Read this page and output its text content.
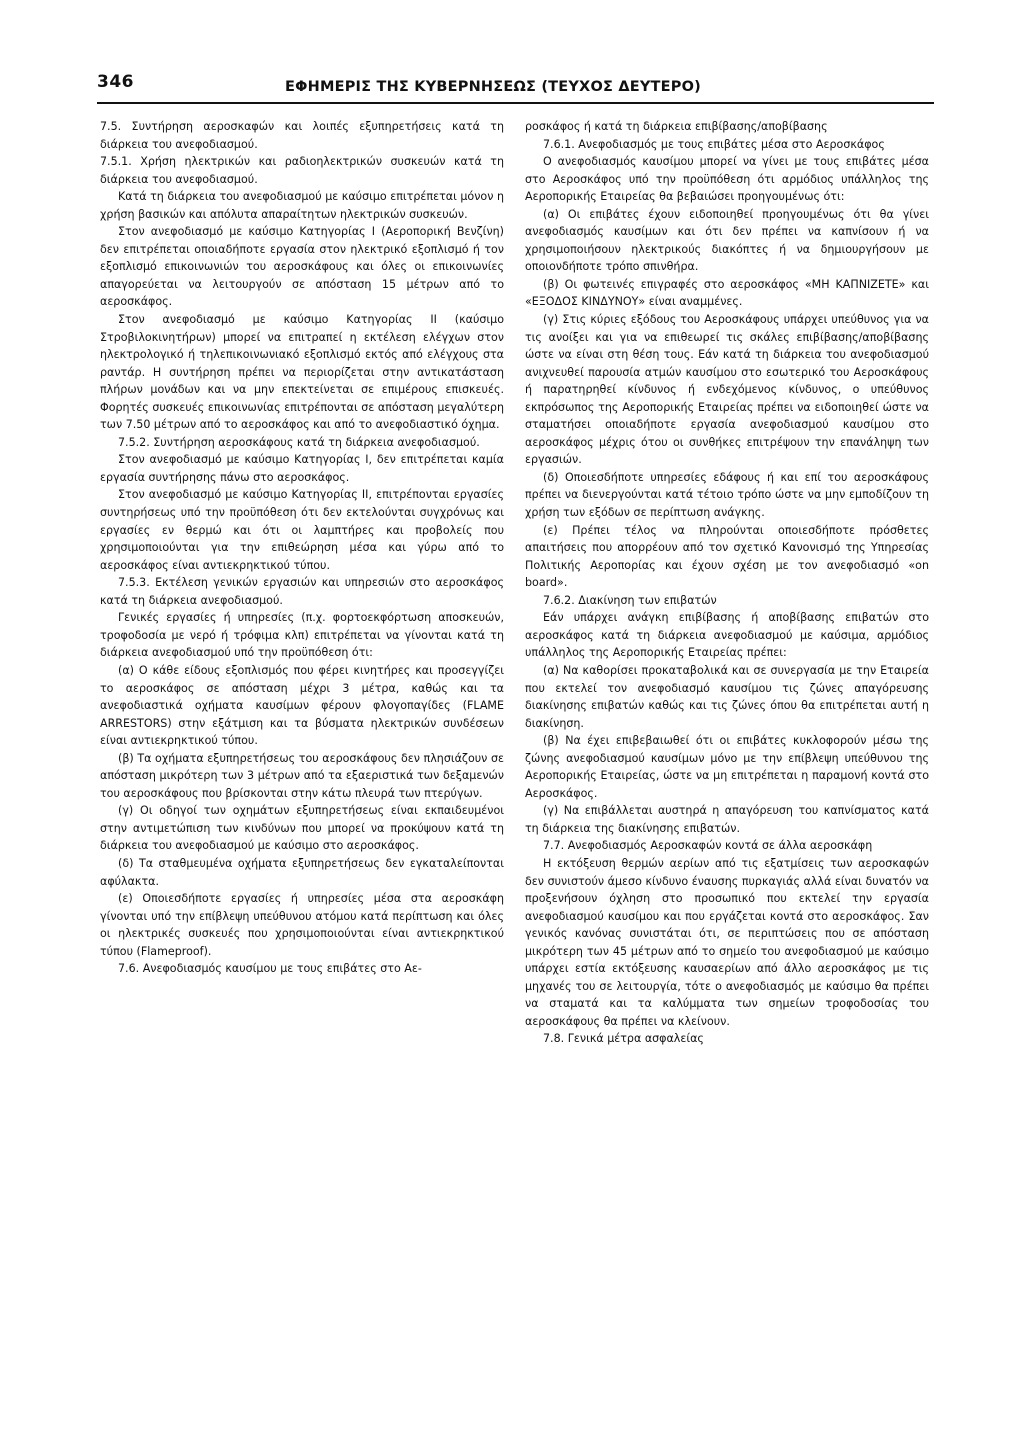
346	ΕΦΗΜΕΡΙΣ ΤΗΣ ΚΥΒΕΡΝΗΣΕΩΣ (ΤΕΥΧΟΣ ΔΕΥΤΕΡΟ)

7.5. Συντήρηση αεροσκαφών και λοιπές εξυπηρετήσεις κατά τη διάρκεια του ανεφοδιασμού.

7.5.1. Χρήση ηλεκτρικών και ραδιοηλεκτρικών συσκευών κατά τη διάρκεια του ανεφοδιασμού.

Κατά τη διάρκεια του ανεφοδιασμού με καύσιμο επιτρέπεται μόνον η χρήση βασικών και απόλυτα απαραίτητων ηλεκτρικών συσκευών.

Στον ανεφοδιασμό με καύσιμο Κατηγορίας I (Αεροπορική Βενζίνη) δεν επιτρέπεται οποιαδήποτε εργασία στον ηλεκτρικό εξοπλισμό ή τον εξοπλισμό επικοινωνιών του αεροσκάφους και όλες οι επικοινωνίες απαγορεύεται να λειτουργούν σε απόσταση 15 μέτρων από το αεροσκάφος.

Στον ανεφοδιασμό με καύσιμο Κατηγορίας II (καύσιμο Στροβιλοκινητήρων) μπορεί να επιτραπεί η εκτέλεση ελέγχων στον ηλεκτρολογικό ή τηλεπικοινωνιακό εξοπλισμό εκτός από ελέγχους στα ραντάρ. Η συντήρηση πρέπει να περιορίζεται στην αντικατάσταση πλήρων μονάδων και να μην επεκτείνεται σε επιμέρους επισκευές. Φορητές συσκευές επικοινωνίας επιτρέπονται σε απόσταση μεγαλύτερη των 7.50 μέτρων από το αεροσκάφος και από το ανεφοδιαστικό όχημα.

7.5.2. Συντήρηση αεροσκάφους κατά τη διάρκεια ανεφοδιασμού.

Στον ανεφοδιασμό με καύσιμο Κατηγορίας I, δεν επιτρέπεται καμία εργασία συντήρησης πάνω στο αεροσκάφος.

Στον ανεφοδιασμό με καύσιμο Κατηγορίας II, επιτρέπονται εργασίες συντηρήσεως υπό την προϋπόθεση ότι δεν εκτελούνται συγχρόνως και εργασίες εν θερμώ και ότι οι λαμπτήρες και προβολείς που χρησιμοποιούνται για την επιθεώρηση μέσα και γύρω από το αεροσκάφος είναι αντιεκρηκτικού τύπου.

7.5.3. Εκτέλεση γενικών εργασιών και υπηρεσιών στο αεροσκάφος κατά τη διάρκεια ανεφοδιασμού.

Γενικές εργασίες ή υπηρεσίες (π.χ. φορτοεκφόρτωση αποσκευών, τροφοδοσία με νερό ή τρόφιμα κλπ) επιτρέπεται να γίνονται κατά τη διάρκεια ανεφοδιασμού υπό την προϋπόθεση ότι:

(α) Ο κάθε είδους εξοπλισμός που φέρει κινητήρες και προσεγγίζει το αεροσκάφος σε απόσταση μέχρι 3 μέτρα, καθώς και τα ανεφοδιαστικά οχήματα καυσίμων φέρουν φλογοπαγίδες (FLAME ARRESTORS) στην εξάτμιση και τα βύσματα ηλεκτρικών συνδέσεων είναι αντιεκρηκτικού τύπου.

(β) Τα οχήματα εξυπηρετήσεως του αεροσκάφους δεν πλησιάζουν σε απόσταση μικρότερη των 3 μέτρων από τα εξαεριστικά των δεξαμενών του αεροσκάφους που βρίσκονται στην κάτω πλευρά των πτερύγων.

(γ) Οι οδηγοί των οχημάτων εξυπηρετήσεως είναι εκπαιδευμένοι στην αντιμετώπιση των κινδύνων που μπορεί να προκύψουν κατά τη διάρκεια του ανεφοδιασμού με καύσιμο στο αεροσκάφος.

(δ) Τα σταθμευμένα οχήματα εξυπηρετήσεως δεν εγκαταλείπονται αφύλακτα.

(ε) Οποιεσδήποτε εργασίες ή υπηρεσίες μέσα στα αεροσκάφη γίνονται υπό την επίβλεψη υπεύθυνου ατόμου κατά περίπτωση και όλες οι ηλεκτρικές συσκευές που χρησιμοποιούνται είναι αντιεκρηκτικού τύπου (Flameproof).

7.6. Ανεφοδιασμός καυσίμου με τους επιβάτες στο Αε-

ροσκάφος ή κατά τη διάρκεια επιβίβασης/αποβίβασης

7.6.1. Ανεφοδιασμός με τους επιβάτες μέσα στο Αεροσκάφος

Ο ανεφοδιασμός καυσίμου μπορεί να γίνει με τους επιβάτες μέσα στο Αεροσκάφος υπό την προϋπόθεση ότι αρμόδιος υπάλληλος της Αεροπορικής Εταιρείας θα βεβαιώσει προηγουμένως ότι:

(α) Οι επιβάτες έχουν ειδοποιηθεί προηγουμένως ότι θα γίνει ανεφοδιασμός καυσίμων και ότι δεν πρέπει να καπνίσουν ή να χρησιμοποιήσουν ηλεκτρικούς διακόπτες ή να δημιουργήσουν με οποιονδήποτε τρόπο σπινθήρα.

(β) Οι φωτεινές επιγραφές στο αεροσκάφος «ΜΗ ΚΑΠΝΙΖΕΤΕ» και «ΕΞΟΔΟΣ ΚΙΝΔΥΝΟΥ» είναι αναμμένες.

(γ) Στις κύριες εξόδους του Αεροσκάφους υπάρχει υπεύθυνος για να τις ανοίξει και για να επιθεωρεί τις σκάλες επιβίβασης/αποβίβασης ώστε να είναι στη θέση τους. Εάν κατά τη διάρκεια του ανεφοδιασμού ανιχνευθεί παρουσία ατμών καυσίμου στο εσωτερικό του Αεροσκάφους ή παρατηρηθεί κίνδυνος ή ενδεχόμενος κίνδυνος, ο υπεύθυνος εκπρόσωπος της Αεροπορικής Εταιρείας πρέπει να ειδοποιηθεί ώστε να σταματήσει οποιαδήποτε εργασία ανεφοδιασμού καυσίμου στο αεροσκάφος μέχρις ότου οι συνθήκες επιτρέψουν την επανάληψη των εργασιών.

(δ) Οποιεσδήποτε υπηρεσίες εδάφους ή και επί του αεροσκάφους πρέπει να διενεργούνται κατά τέτοιο τρόπο ώστε να μην εμποδίζουν τη χρήση των εξόδων σε περίπτωση ανάγκης.

(ε) Πρέπει τέλος να πληρούνται οποιεσδήποτε πρόσθετες απαιτήσεις που απορρέουν από τον σχετικό Κανονισμό της Υπηρεσίας Πολιτικής Αεροπορίας και έχουν σχέση με τον ανεφοδιασμό «on board».

7.6.2. Διακίνηση των επιβατών

Εάν υπάρχει ανάγκη επιβίβασης ή αποβίβασης επιβατών στο αεροσκάφος κατά τη διάρκεια ανεφοδιασμού με καύσιμα, αρμόδιος υπάλληλος της Αεροπορικής Εταιρείας πρέπει:

(α) Να καθορίσει προκαταβολικά και σε συνεργασία με την Εταιρεία που εκτελεί τον ανεφοδιασμό καυσίμου τις ζώνες απαγόρευσης διακίνησης επιβατών καθώς και τις ζώνες όπου θα επιτρέπεται αυτή η διακίνηση.

(β) Να έχει επιβεβαιωθεί ότι οι επιβάτες κυκλοφορούν μέσω της ζώνης ανεφοδιασμού καυσίμων μόνο με την επίβλεψη υπεύθυνου της Αεροπορικής Εταιρείας, ώστε να μη επιτρέπεται η παραμονή κοντά στο Αεροσκάφος.

(γ) Να επιβάλλεται αυστηρά η απαγόρευση του καπνίσματος κατά τη διάρκεια της διακίνησης επιβατών.

7.7. Ανεφοδιασμός Αεροσκαφών κοντά σε άλλα αεροσκάφη

Η εκτόξευση θερμών αερίων από τις εξατμίσεις των αεροσκαφών δεν συνιστούν άμεσο κίνδυνο έναυσης πυρκαγιάς αλλά είναι δυνατόν να προξενήσουν όχληση στο προσωπικό που εκτελεί την εργασία ανεφοδιασμού καυσίμου και που εργάζεται κοντά στο αεροσκάφος. Σαν γενικός κανόνας συνιστάται ότι, σε περιπτώσεις που σε απόσταση μικρότερη των 45 μέτρων από το σημείο του ανεφοδιασμού με καύσιμο υπάρχει εστία εκτόξευσης καυσαερίων από άλλο αεροσκάφος με τις μηχανές του σε λειτουργία, τότε ο ανεφοδιασμός με καύσιμο θα πρέπει να σταματά και τα καλύμματα των σημείων τροφοδοσίας του αεροσκάφους θα πρέπει να κλείνουν.

7.8. Γενικά μέτρα ασφαλείας
